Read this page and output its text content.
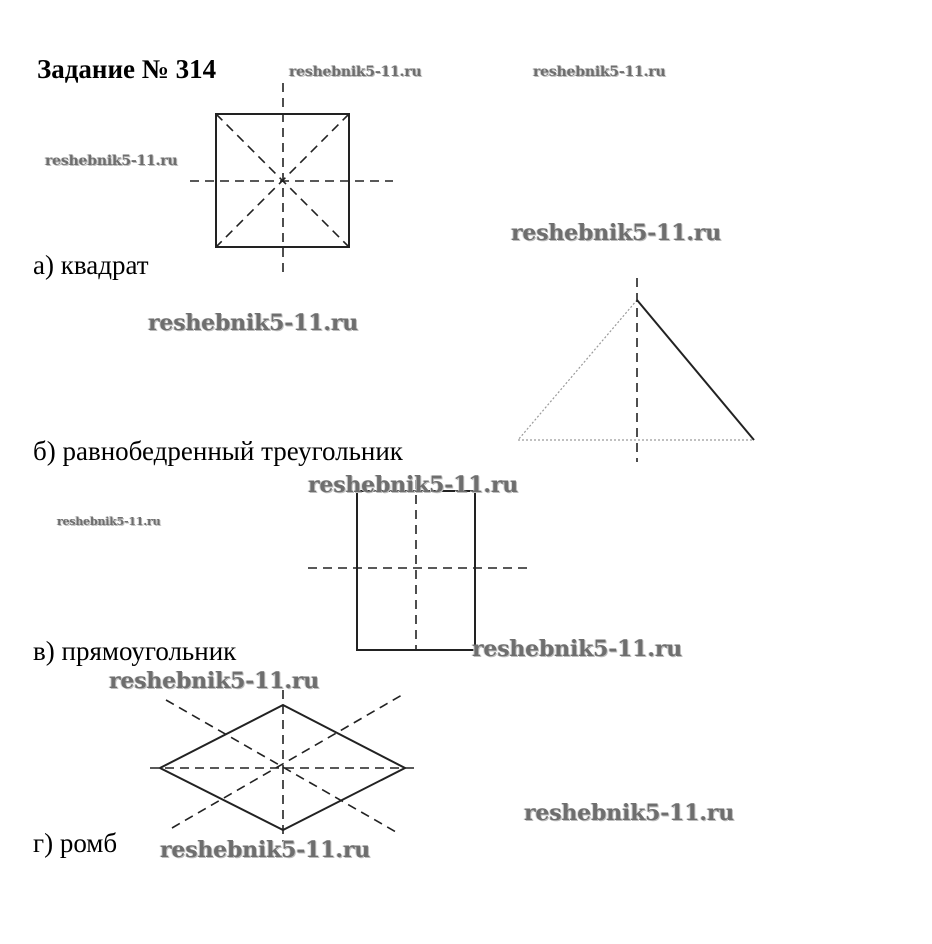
Задание № 314
а) квадрат
б) равнобедренный треугольник
в) прямоугольник
г) ромб
reshebnik5-11.ru	reshebnik5-11.ru
reshebnik5-11.ru
reshebnik5-11.ru
reshebnik5-11.ru
reshebnik5-11.ru
reshebnik5-11.ru
reshebnik5-11.ru
reshebnik5-11.ru
reshebnik5-11.ru
reshebnik5-11.ru
